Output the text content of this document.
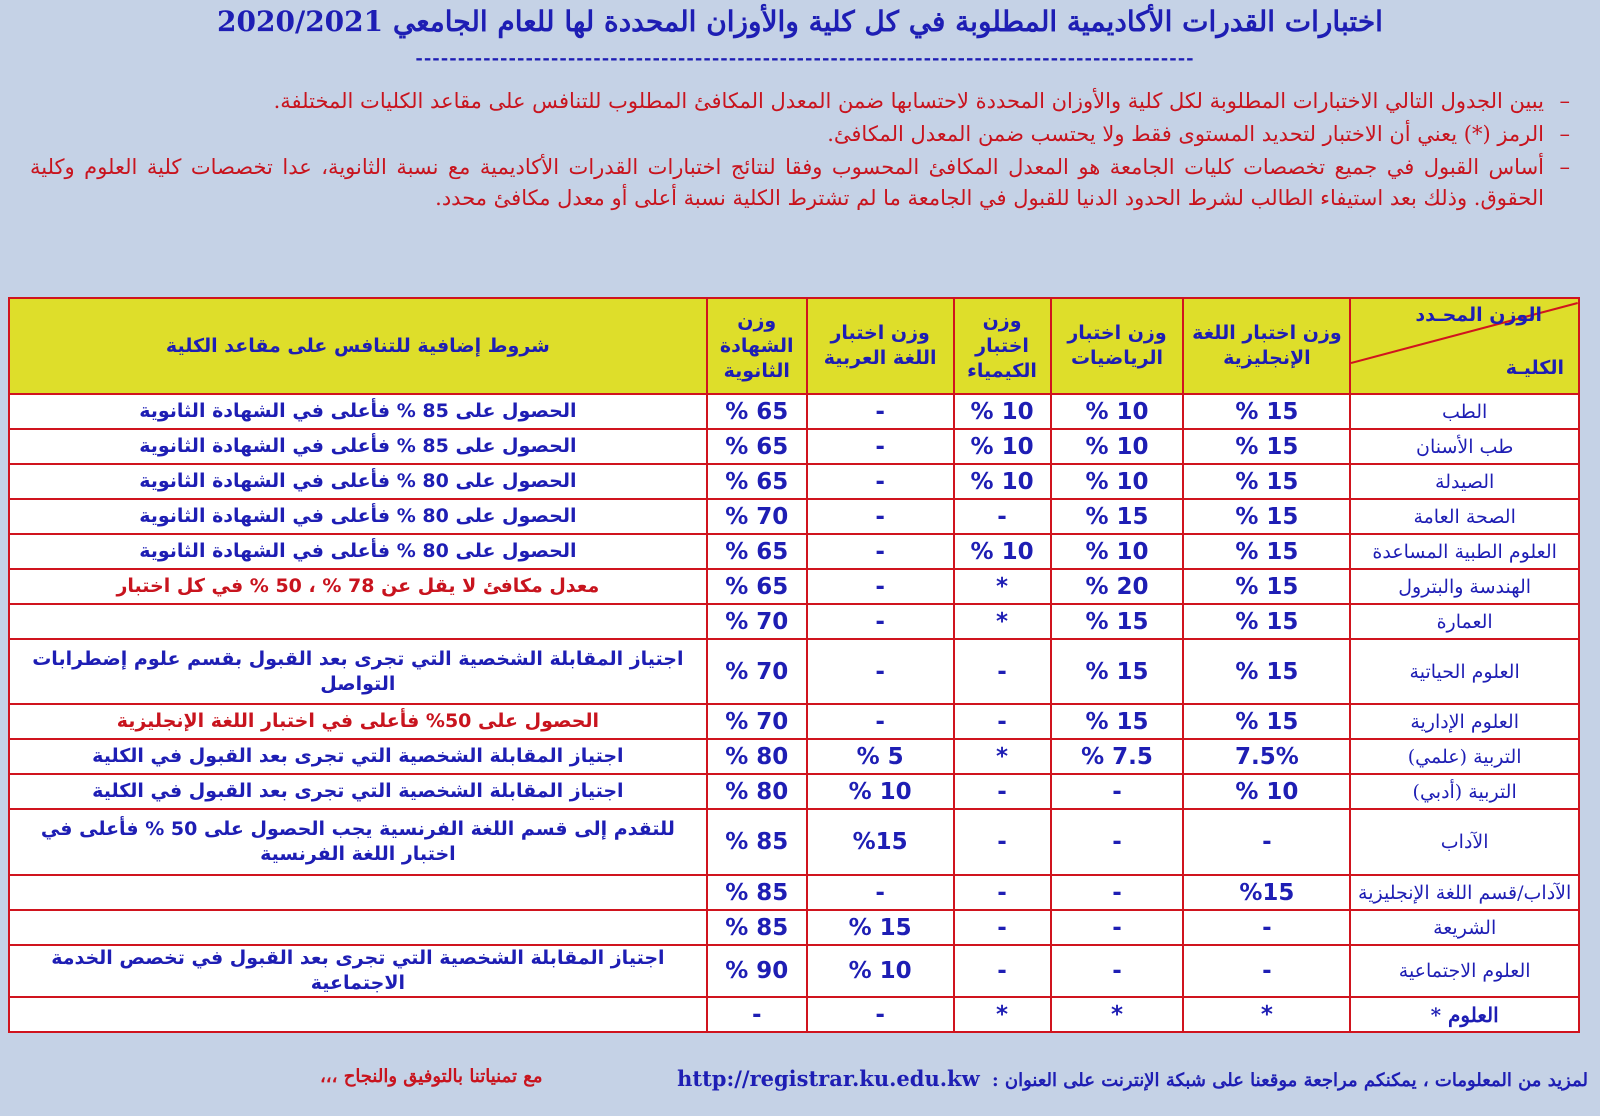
اختبارات القدرات الأكاديمية المطلوبة في كل كلية والأوزان المحددة لها للعام الجامعي 2020/2021
--------------------------------------------------------------------------------------------

–
يبين الجدول التالي الاختبارات المطلوبة لكل كلية والأوزان المحددة لاحتسابها ضمن المعدل المكافئ المطلوب للتنافس على مقاعد الكليات المختلفة.

–
الرمز (*) يعني أن الاختبار لتحديد المستوى فقط ولا يحتسب ضمن المعدل المكافئ.

–
أساس القبول في جميع تخصصات كليات الجامعة هو المعدل المكافئ المحسوب وفقا لنتائج اختبارات القدرات الأكاديمية مع نسبة الثانوية، عدا تخصصات كلية العلوم وكلية الحقوق. وذلك بعد استيفاء الطالب لشرط الحدود الدنيا للقبول في الجامعة ما لم تشترط الكلية نسبة أعلى أو معدل مكافئ محدد.

الوزن المحـدد
الكليـة	وزن اختبار اللغة الإنجليزية	وزن اختبار الرياضيات	وزن اختبار الكيمياء	وزن اختبار اللغة العربية	وزن الشهادة الثانوية	شروط إضافية للتنافس على مقاعد الكلية
الطب	15 %	10 %	10 %	-	65 %	الحصول على 85 % فأعلى في الشهادة الثانوية
طب الأسنان	15 %	10 %	10 %	-	65 %	الحصول على 85 % فأعلى في الشهادة الثانوية
الصيدلة	15 %	10 %	10 %	-	65 %	الحصول على 80 % فأعلى في الشهادة الثانوية
الصحة العامة	15 %	15 %	-	-	70 %	الحصول على 80 % فأعلى في الشهادة الثانوية
العلوم الطبية المساعدة	15 %	10 %	10 %	-	65 %	الحصول على 80 % فأعلى في الشهادة الثانوية
الهندسة والبترول	15 %	20 %	*	-	65 %	معدل مكافئ لا يقل عن 78 % ، 50 % في كل اختبار
العمارة	15 %	15 %	*	-	70 %	
العلوم الحياتية	15 %	15 %	-	-	70 %	اجتياز المقابلة الشخصية التي تجرى بعد القبول بقسم علوم إضطرابات التواصل
العلوم الإدارية	15 %	15 %	-	-	70 %	الحصول على 50% فأعلى في اختبار اللغة الإنجليزية
التربية (علمي)	7.5%	7.5 %	*	5 %	80 %	اجتياز المقابلة الشخصية التي تجرى بعد القبول في الكلية
التربية (أدبي)	10 %	-	-	10 %	80 %	اجتياز المقابلة الشخصية التي تجرى بعد القبول في الكلية
الآداب	-	-	-	%15	85 %	للتقدم إلى قسم اللغة الفرنسية يجب الحصول على 50 % فأعلى في اختبار اللغة الفرنسية
الآداب/قسم اللغة الإنجليزية	%15	-	-	-	85 %	
الشريعة	-	-	-	15 %	85 %	
العلوم الاجتماعية	-	-	-	10 %	90 %	اجتياز المقابلة الشخصية التي تجرى بعد القبول في تخصص الخدمة الاجتماعية
العلوم *	*	*	*	-	-	
لمزيد من المعلومات ، يمكنكم مراجعة موقعنا على شبكة الإنترنت على العنوان : http://registrar.ku.edu.kw
مع تمنياتنا بالتوفيق والنجاح ،،،
